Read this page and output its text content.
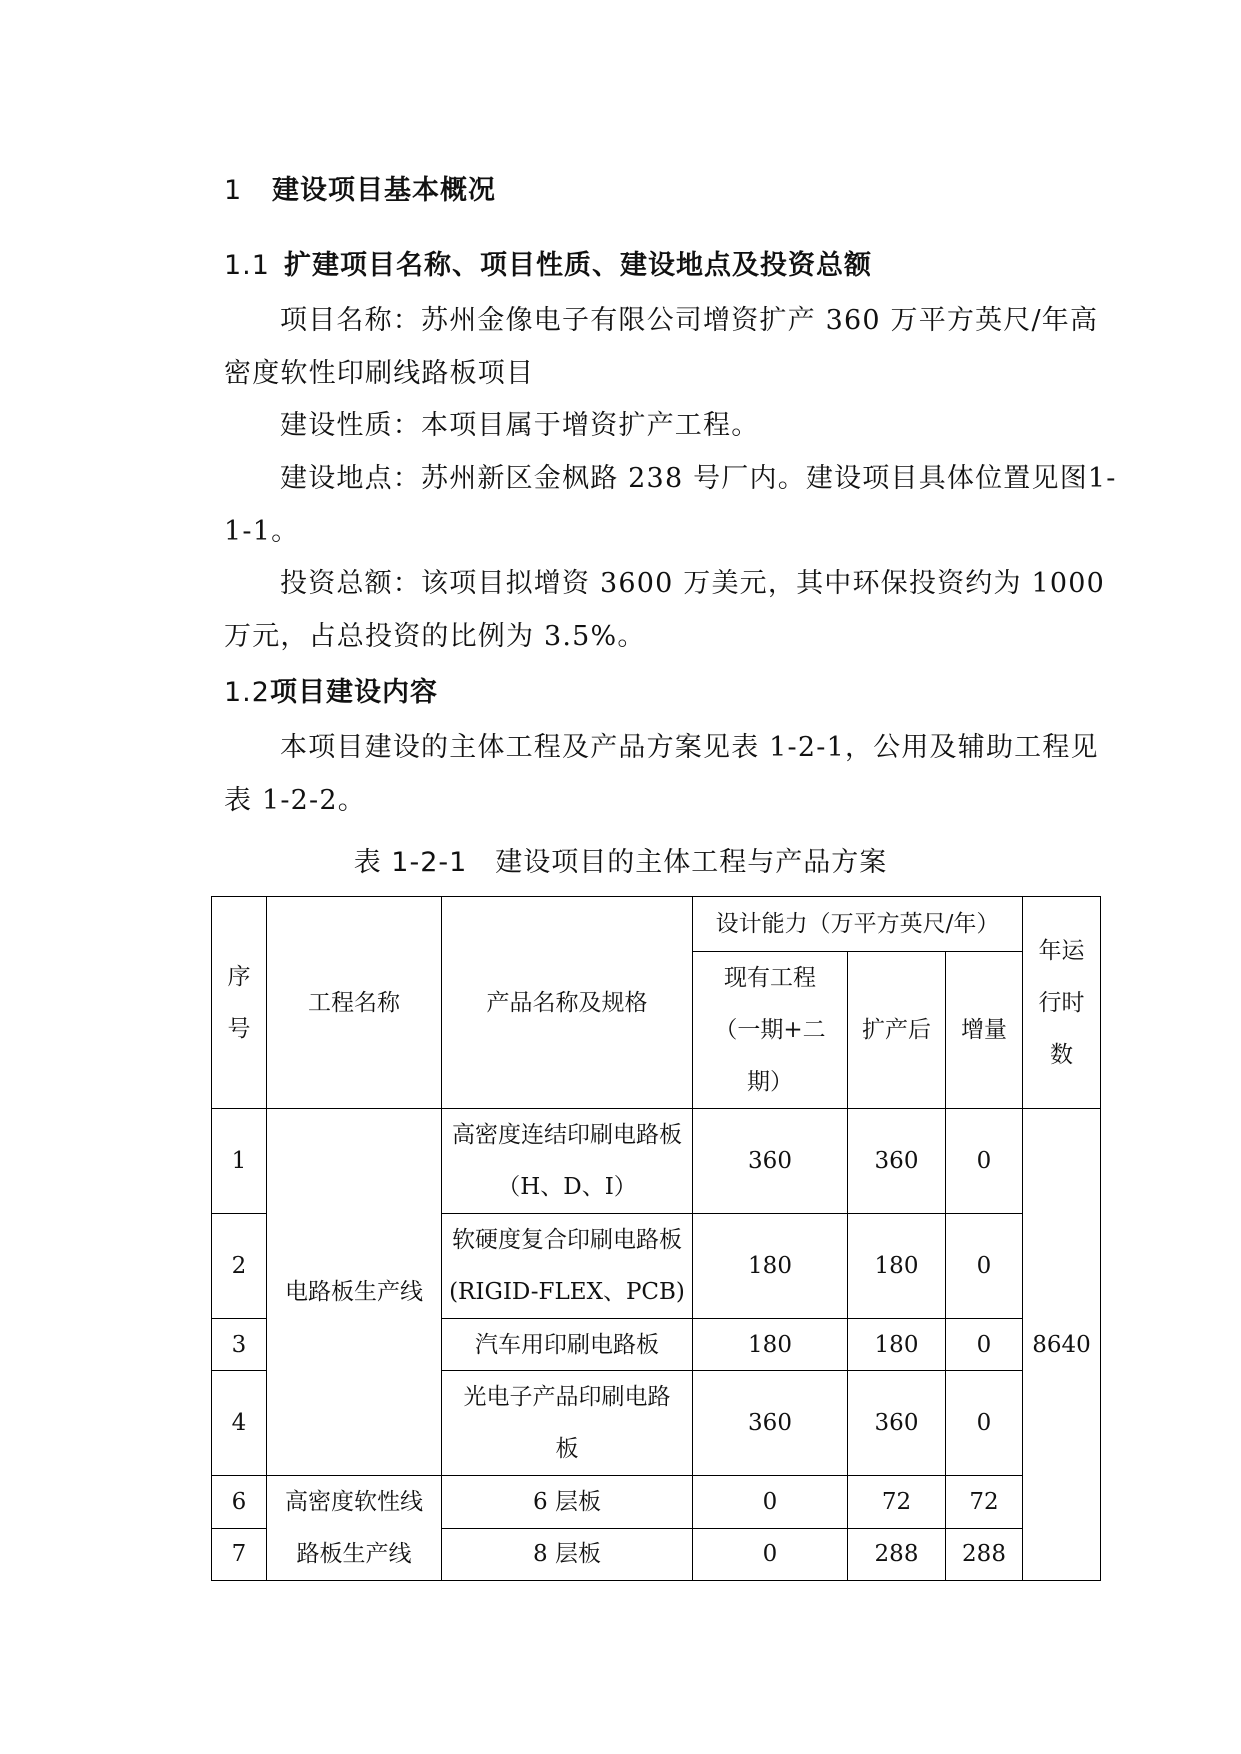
1 建设项目基本概况
1.1 扩建项目名称、项目性质、建设地点及投资总额
项目名称：苏州金像电子有限公司增资扩产 360 万平方英尺/年高密度软性印刷线路板项目
建设性质：本项目属于增资扩产工程。
建设地点：苏州新区金枫路 238 号厂内。建设项目具体位置见图1-1-1。
投资总额：该项目拟增资 3600 万美元，其中环保投资约为 1000 万元，占总投资的比例为 3.5%。
1.2项目建设内容
本项目建设的主体工程及产品方案见表 1-2-1，公用及辅助工程见表 1-2-2。
表 1-2-1　建设项目的主体工程与产品方案
序号	工程名称	产品名称及规格	设计能力（万平方英尺/年）			年运行时数

			现有工程（一期+二期）	扩产后	增量	
1	电路板生产线	高密度连结印刷电路板（H、D、I）	360	360	0	8640
2		软硬度复合印刷电路板(RIGID-FLEX、PCB)	180	180	0	
3		汽车用印刷电路板	180	180	0	
4		光电子产品印刷电路板	360	360	0	
6	高密度软性线路板生产线	6 层板	0	72	72	
7		8 层板	0	288	288	
